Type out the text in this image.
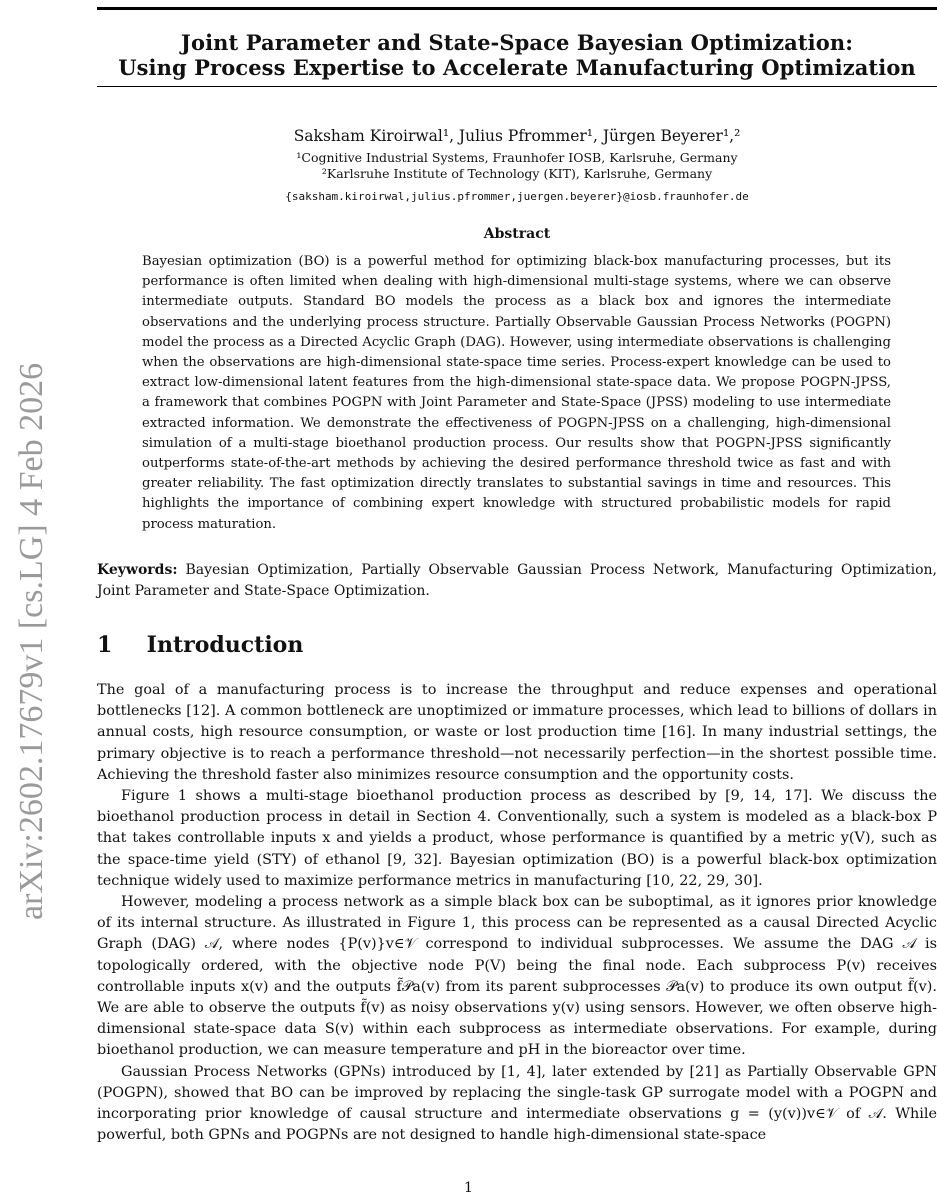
arXiv:2602.17679v1 [cs.LG] 4 Feb 2026
Joint Parameter and State-Space Bayesian Optimization:
Using Process Expertise to Accelerate Manufacturing Optimization
Saksham Kiroirwal¹, Julius Pfrommer¹, Jürgen Beyerer¹,²
¹Cognitive Industrial Systems, Fraunhofer IOSB, Karlsruhe, Germany
²Karlsruhe Institute of Technology (KIT), Karlsruhe, Germany
{saksham.kiroirwal,julius.pfrommer,juergen.beyerer}@iosb.fraunhofer.de
Abstract
Bayesian optimization (BO) is a powerful method for optimizing black-box manufacturing processes, but its performance is often limited when dealing with high-dimensional multi-stage systems, where we can observe intermediate outputs. Standard BO models the process as a black box and ignores the intermediate observations and the underlying process structure. Partially Observable Gaussian Process Networks (POGPN) model the process as a Directed Acyclic Graph (DAG). However, using intermediate observations is challenging when the observations are high-dimensional state-space time series. Process-expert knowledge can be used to extract low-dimensional latent features from the high-dimensional state-space data. We propose POGPN-JPSS, a framework that combines POGPN with Joint Parameter and State-Space (JPSS) modeling to use intermediate extracted information. We demonstrate the effectiveness of POGPN-JPSS on a challenging, high-dimensional simulation of a multi-stage bioethanol production process. Our results show that POGPN-JPSS significantly outperforms state-of-the-art methods by achieving the desired performance threshold twice as fast and with greater reliability. The fast optimization directly translates to substantial savings in time and resources. This highlights the importance of combining expert knowledge with structured probabilistic models for rapid process maturation.
Keywords: Bayesian Optimization, Partially Observable Gaussian Process Network, Manufacturing Optimization, Joint Parameter and State-Space Optimization.
1 Introduction

The goal of a manufacturing process is to increase the throughput and reduce expenses and operational bottlenecks [12]. A common bottleneck are unoptimized or immature processes, which lead to billions of dollars in annual costs, high resource consumption, or waste or lost production time [16]. In many industrial settings, the primary objective is to reach a performance threshold—not necessarily perfection—in the shortest possible time. Achieving the threshold faster also minimizes resource consumption and the opportunity costs.

Figure 1 shows a multi-stage bioethanol production process as described by [9, 14, 17]. We discuss the bioethanol production process in detail in Section 4. Conventionally, such a system is modeled as a black-box P that takes controllable inputs x and yields a product, whose performance is quantified by a metric y(V), such as the space-time yield (STY) of ethanol [9, 32]. Bayesian optimization (BO) is a powerful black-box optimization technique widely used to maximize performance metrics in manufacturing [10, 22, 29, 30].

However, modeling a process network as a simple black box can be suboptimal, as it ignores prior knowledge of its internal structure. As illustrated in Figure 1, this process can be represented as a causal Directed Acyclic Graph (DAG) 𝒜, where nodes {P(v)}v∈𝒱 correspond to individual subprocesses. We assume the DAG 𝒜 is topologically ordered, with the objective node P(V) being the final node. Each subprocess P(v) receives controllable inputs x(v) and the outputs f̃𝒫a(v) from its parent subprocesses 𝒫a(v) to produce its own output f̃(v). We are able to observe the outputs f̃(v) as noisy observations y(v) using sensors. However, we often observe high-dimensional state-space data S(v) within each subprocess as intermediate observations. For example, during bioethanol production, we can measure temperature and pH in the bioreactor over time.

Gaussian Process Networks (GPNs) introduced by [1, 4], later extended by [21] as Partially Observable GPN (POGPN), showed that BO can be improved by replacing the single-task GP surrogate model with a POGPN and incorporating prior knowledge of causal structure and intermediate observations g = (y(v))v∈𝒱 of 𝒜. While powerful, both GPNs and POGPNs are not designed to handle high-dimensional state-space

1
